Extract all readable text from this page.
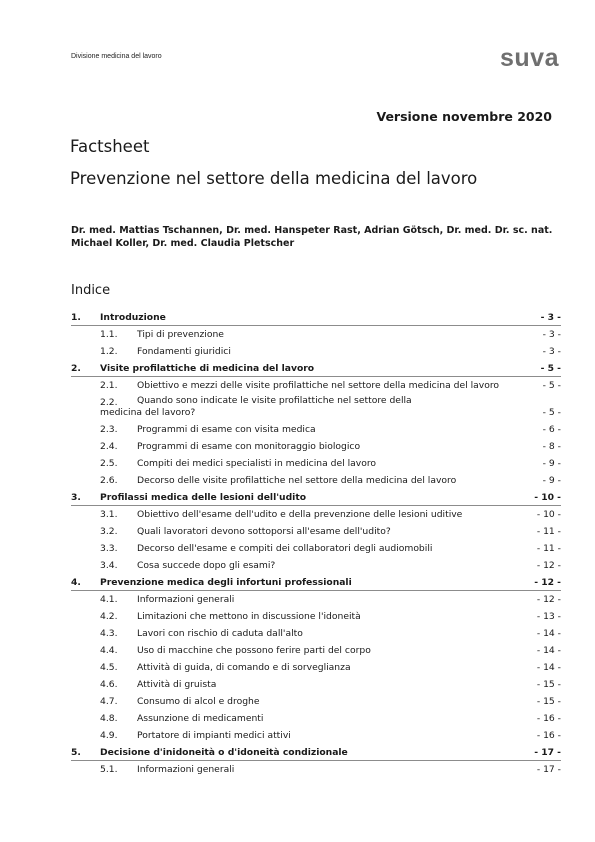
Divisione medicina del lavoro	suva
Versione novembre 2020
Factsheet
Prevenzione nel settore della medicina del lavoro
Dr. med. Mattias Tschannen, Dr. med. Hanspeter Rast, Adrian Götsch, Dr. med. Dr. sc. nat. Michael Koller, Dr. med. Claudia Pletscher
Indice
1. Introduzione	- 3 -
1.1. Tipi di prevenzione	- 3 -
1.2. Fondamenti giuridici	- 3 -
2. Visite profilattiche di medicina del lavoro	- 5 -
2.1. Obiettivo e mezzi delle visite profilattiche nel settore della medicina del lavoro	- 5 -
2.2. Quando sono indicate le visite profilattiche nel settore della
medicina del lavoro?	- 5 -
2.3. Programmi di esame con visita medica	- 6 -
2.4. Programmi di esame con monitoraggio biologico	- 8 -
2.5. Compiti dei medici specialisti in medicina del lavoro	- 9 -
2.6. Decorso delle visite profilattiche nel settore della medicina del lavoro	- 9 -
3. Profilassi medica delle lesioni dell'udito	- 10 -
3.1. Obiettivo dell'esame dell'udito e della prevenzione delle lesioni uditive	- 10 -
3.2. Quali lavoratori devono sottoporsi all'esame dell'udito?	- 11 -
3.3. Decorso dell'esame e compiti dei collaboratori degli audiomobili	- 11 -
3.4. Cosa succede dopo gli esami?	- 12 -
4. Prevenzione medica degli infortuni professionali	- 12 -
4.1. Informazioni generali	- 12 -
4.2. Limitazioni che mettono in discussione l'idoneità	- 13 -
4.3. Lavori con rischio di caduta dall'alto	- 14 -
4.4. Uso di macchine che possono ferire parti del corpo	- 14 -
4.5. Attività di guida, di comando e di sorveglianza	- 14 -
4.6. Attività di gruista	- 15 -
4.7. Consumo di alcol e droghe	- 15 -
4.8. Assunzione di medicamenti	- 16 -
4.9. Portatore di impianti medici attivi	- 16 -
5. Decisione d'inidoneità o d'idoneità condizionale	- 17 -
5.1. Informazioni generali	- 17 -
